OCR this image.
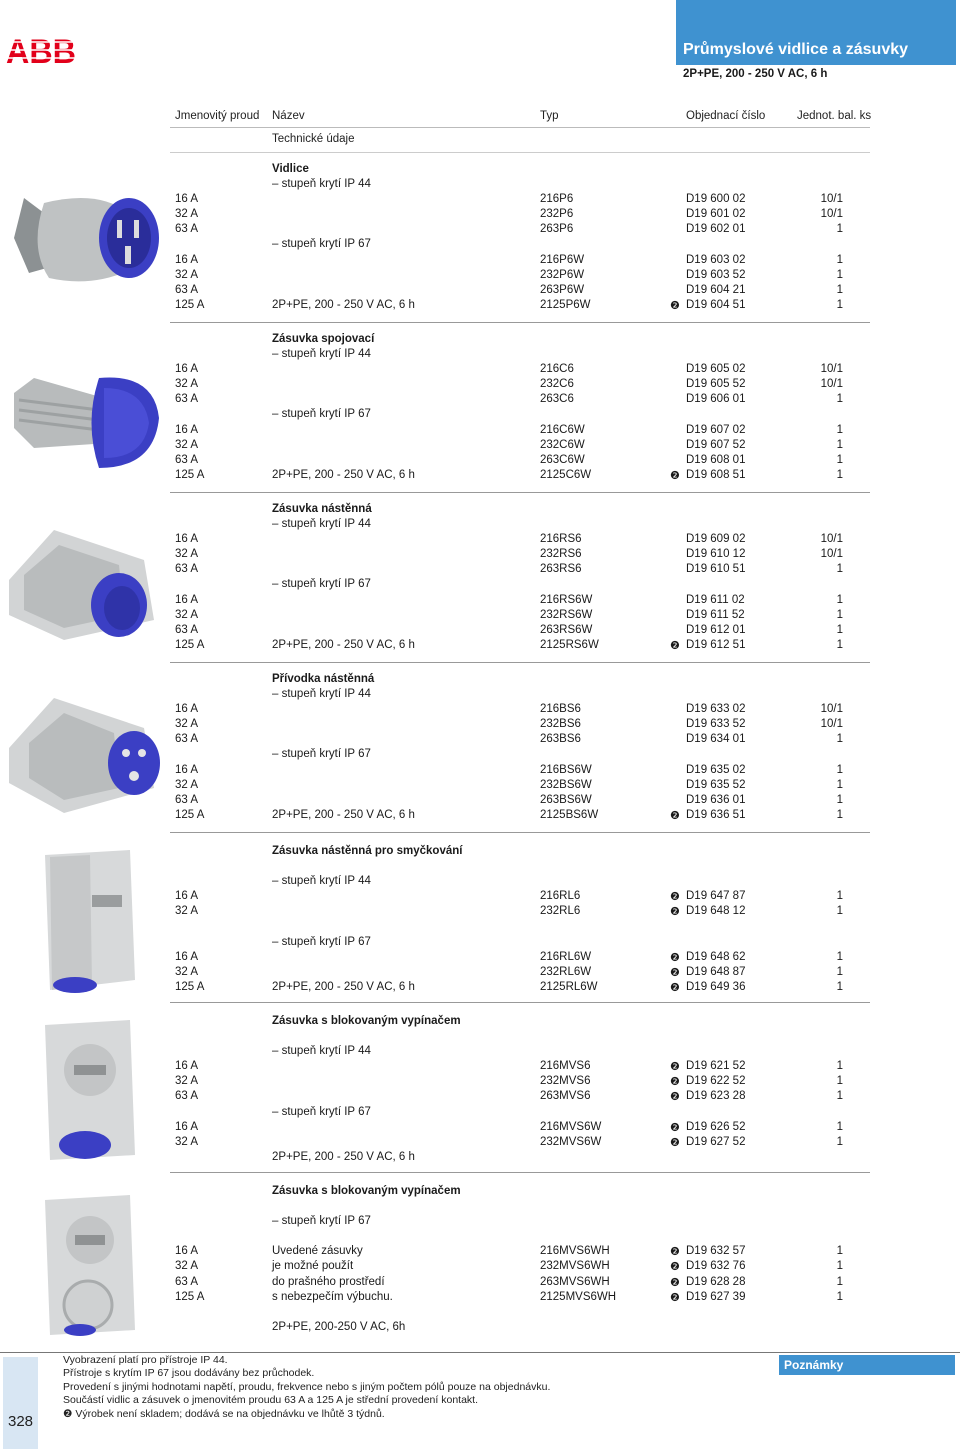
ABB	Průmyslové vidlice a zásuvky
2P+PE, 200 - 250 V AC, 6 h
Jmenovitý proud Název	Typ	Objednací číslo	Jednot. bal. ks
Technické údaje
Vidlice
– stupeň krytí IP 44
16 A	216P6	D19 600 02	10/1
32 A	232P6	D19 601 02	10/1
63 A	263P6	D19 602 01	1
– stupeň krytí IP 67
16 A	216P6W	D19 603 02	1
32 A	232P6W	D19 603 52	1
63 A	263P6W	D19 604 21	1
125 A	2P+PE, 200 - 250 V AC, 6 h	2125P6W	❷ D19 604 51	1
Zásuvka spojovací
– stupeň krytí IP 44
16 A	216C6	D19 605 02	10/1
32 A	232C6	D19 605 52	10/1
63 A	263C6	D19 606 01	1
– stupeň krytí IP 67
16 A	216C6W	D19 607 02	1
32 A	232C6W	D19 607 52	1
63 A	263C6W	D19 608 01	1
125 A	2P+PE, 200 - 250 V AC, 6 h	2125C6W	❷ D19 608 51	1
Zásuvka nástěnná
– stupeň krytí IP 44
16 A	216RS6	D19 609 02	10/1
32 A	232RS6	D19 610 12	10/1
63 A	263RS6	D19 610 51	1
– stupeň krytí IP 67
16 A	216RS6W	D19 611 02	1
32 A	232RS6W	D19 611 52	1
63 A	263RS6W	D19 612 01	1
125 A	2P+PE, 200 - 250 V AC, 6 h	2125RS6W	❷ D19 612 51	1
Přívodka nástěnná
– stupeň krytí IP 44
16 A	216BS6	D19 633 02	10/1
32 A	232BS6	D19 633 52	10/1
63 A	263BS6	D19 634 01	1
– stupeň krytí IP 67
16 A	216BS6W	D19 635 02	1
32 A	232BS6W	D19 635 52	1
63 A	263BS6W	D19 636 01	1
125 A	2P+PE, 200 - 250 V AC, 6 h	2125BS6W	❷ D19 636 51	1
Zásuvka nástěnná pro smyčkování
– stupeň krytí IP 44
16 A	216RL6	❷ D19 647 87	1
32 A	232RL6	❷ D19 648 12	1
– stupeň krytí IP 67
16 A	216RL6W	❷ D19 648 62	1
32 A	232RL6W	❷ D19 648 87	1
125 A	2P+PE, 200 - 250 V AC, 6 h	2125RL6W	❷ D19 649 36	1
Zásuvka s blokovaným vypínačem
– stupeň krytí IP 44
16 A	216MVS6	❷ D19 621 52	1
32 A	232MVS6	❷ D19 622 52	1
63 A	263MVS6	❷ D19 623 28	1
– stupeň krytí IP 67
16 A	216MVS6W	❷ D19 626 52	1
32 A	232MVS6W	❷ D19 627 52	1
2P+PE, 200 - 250 V AC, 6 h
Zásuvka s blokovaným vypínačem
– stupeň krytí IP 67
16 A	Uvedené zásuvky	216MVS6WH	❷ D19 632 57	1
32 A	je možné použít	232MVS6WH	❷ D19 632 76	1
63 A	do prašného prostředí	263MVS6WH	❷ D19 628 28	1
125 A	s nebezpečím výbuchu.	2125MVS6WH	❷ D19 627 39	1
2P+PE, 200-250 V AC, 6h
328
Vyobrazení platí pro přístroje IP 44.
Přístroje s krytím IP 67 jsou dodávány bez průchodek.
Provedení s jinými hodnotami napětí, proudu, frekvence nebo s jiným počtem pólů pouze na objednávku.
Součástí vidlic a zásuvek o jmenovitém proudu 63 A a 125 A je střední provedení kontakt.
❷ Výrobek není skladem; dodává se na objednávku ve lhůtě 3 týdnů.
Poznámky
